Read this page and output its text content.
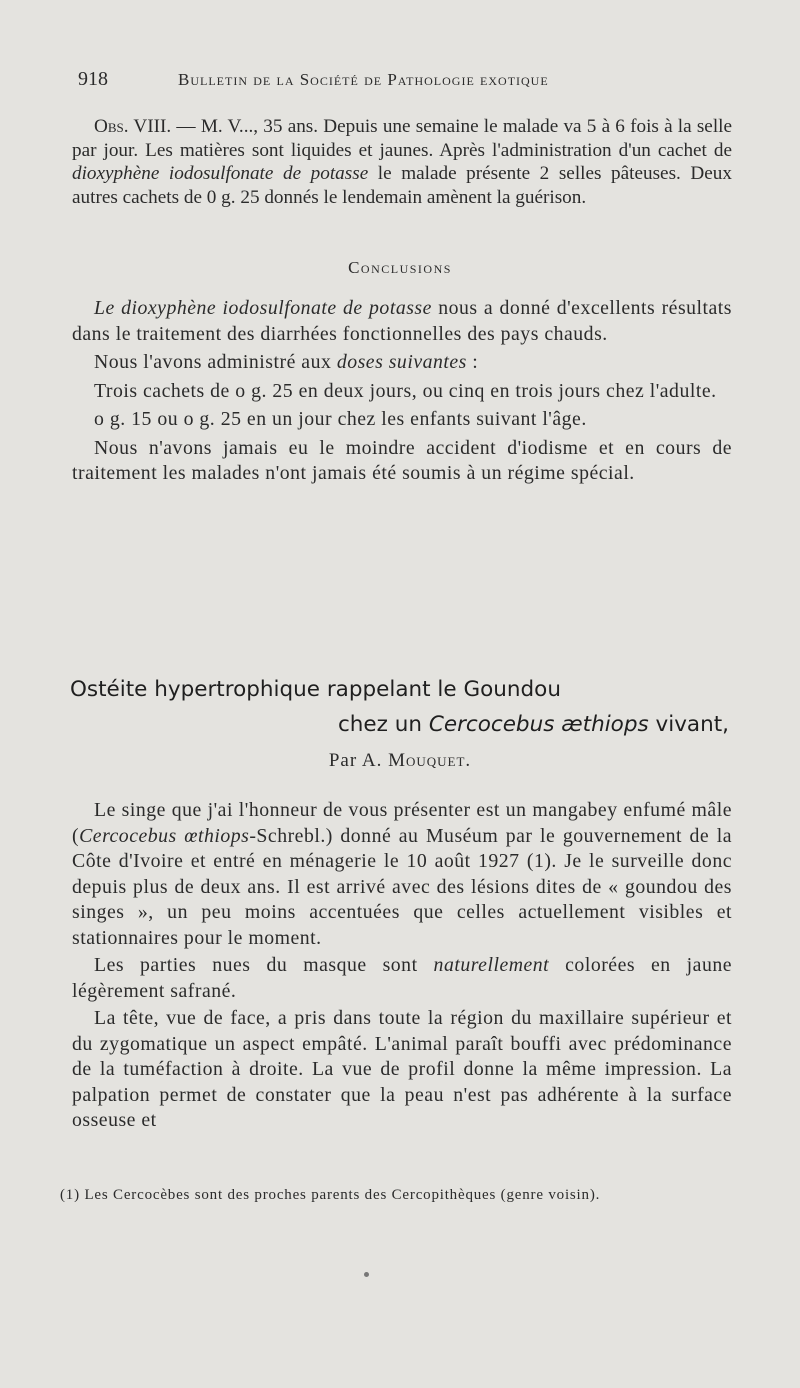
918	Bulletin de la Société de Pathologie exotique

Obs. VIII. — M. V..., 35 ans. Depuis une semaine le malade va 5 à 6 fois à la selle par jour. Les matières sont liquides et jaunes. Après l'administration d'un cachet de dioxyphène iodosulfonate de potasse le malade présente 2 selles pâteuses. Deux autres cachets de 0 g. 25 donnés le lendemain amènent la guérison.

Conclusions

Le dioxyphène iodosulfonate de potasse nous a donné d'excellents résultats dans le traitement des diarrhées fonctionnelles des pays chauds.

Nous l'avons administré aux doses suivantes :

Trois cachets de o g. 25 en deux jours, ou cinq en trois jours chez l'adulte.

o g. 15 ou o g. 25 en un jour chez les enfants suivant l'âge.

Nous n'avons jamais eu le moindre accident d'iodisme et en cours de traitement les malades n'ont jamais été soumis à un régime spécial.

Ostéite hypertrophique rappelant le Goundou
chez un Cercocebus æthiops vivant,
Par A. Mouquet.

Le singe que j'ai l'honneur de vous présenter est un mangabey enfumé mâle (Cercocebus œthiops-Schrebl.) donné au Muséum par le gouvernement de la Côte d'Ivoire et entré en ménagerie le 10 août 1927 (1). Je le surveille donc depuis plus de deux ans. Il est arrivé avec des lésions dites de « goundou des singes », un peu moins accentuées que celles actuellement visibles et stationnaires pour le moment.

Les parties nues du masque sont naturellement colorées en jaune légèrement safrané.

La tête, vue de face, a pris dans toute la région du maxillaire supérieur et du zygomatique un aspect empâté. L'animal paraît bouffi avec prédominance de la tuméfaction à droite. La vue de profil donne la même impression. La palpation permet de constater que la peau n'est pas adhérente à la surface osseuse et

(1) Les Cercocèbes sont des proches parents des Cercopithèques (genre voisin).
